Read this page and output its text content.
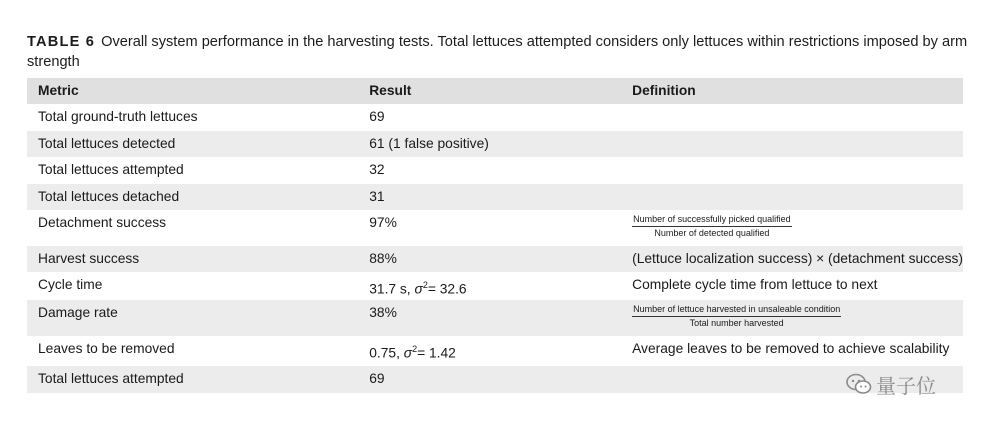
TABLE 6 Overall system performance in the harvesting tests. Total lettuces attempted considers only lettuces within restrictions imposed by arm strength
Metric	Result	Definition
Total ground-truth lettuces	69	
Total lettuces detected	61 (1 false positive)	
Total lettuces attempted	32	
Total lettuces detached	31	
Detachment success	97%	$\frac{\text{Number of successfully picked qualified}}{\text{Number of detected qualified}}$

Harvest success	88%	(Lettuce localization success) × (detachment success)
Cycle time	31.7 s, $\sigma^2= 32.6$	Complete cycle time from lettuce to next
Damage rate	38%	$\frac{\text{Number of lettuce harvested in unsaleable condition}}{\text{Total number harvested}}$

Leaves to be removed	0.75, $\sigma^2= 1.42$	Average leaves to be removed to achieve scalability
Total lettuces attempted	69		量子位
